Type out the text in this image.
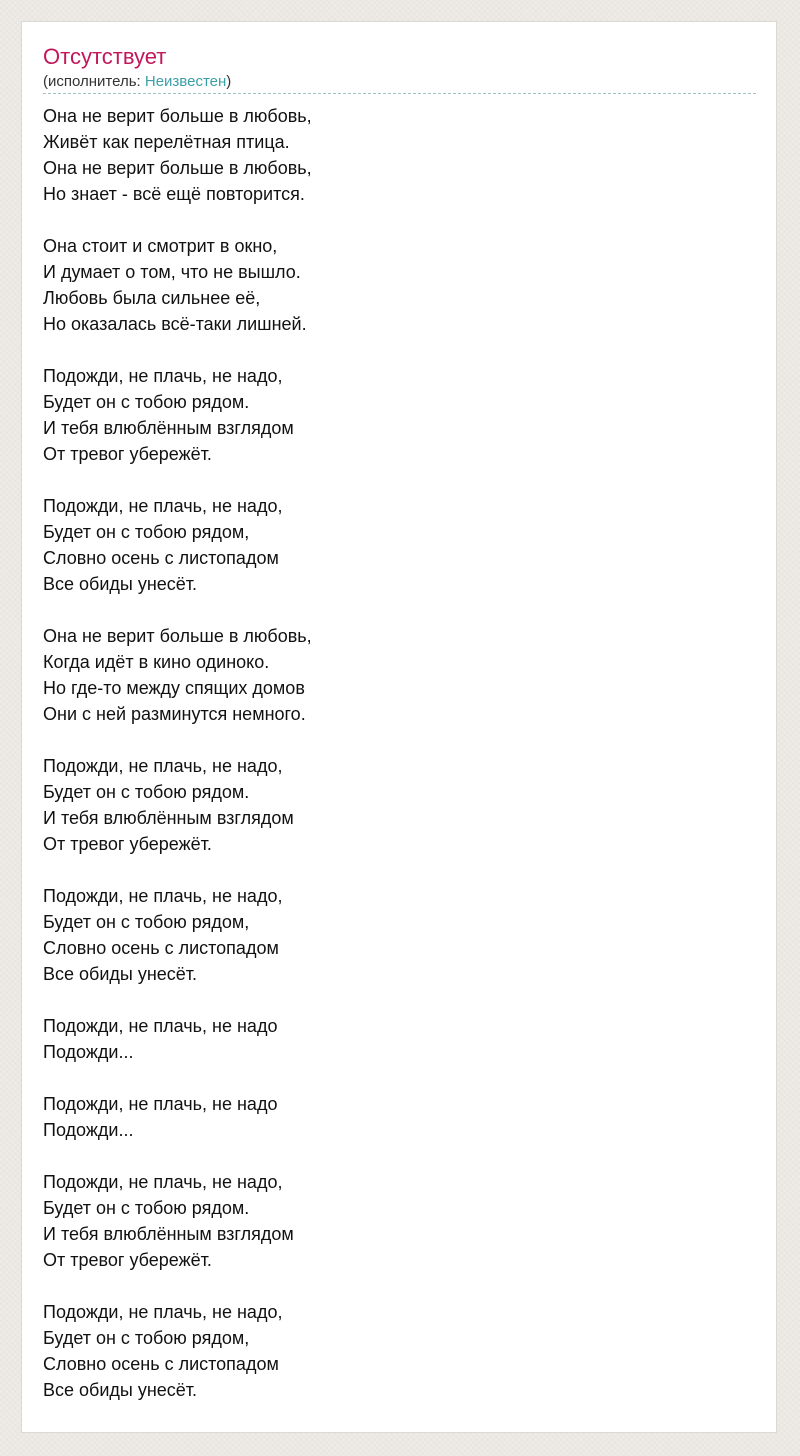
Отсутствует
(исполнитель: Неизвестен)
Она не верит больше в любовь,
Живёт как перелётная птица.
Она не верит больше в любовь,
Но знает - всё ещё повторится.
Она стоит и смотрит в окно,
И думает о том, что не вышло.
Любовь была сильнее её,
Но оказалась всё-таки лишней.
Подожди, не плачь, не надо,
Будет он с тобою рядом.
И тебя влюблённым взглядом
От тревог убережёт.
Подожди, не плачь, не надо,
Будет он с тобою рядом,
Словно осень с листопадом
Все обиды унесёт.
Она не верит больше в любовь,
Когда идёт в кино одиноко.
Но где-то между спящих домов
Они с ней разминутся немного.
Подожди, не плачь, не надо,
Будет он с тобою рядом.
И тебя влюблённым взглядом
От тревог убережёт.
Подожди, не плачь, не надо,
Будет он с тобою рядом,
Словно осень с листопадом
Все обиды унесёт.
Подожди, не плачь, не надо
Подожди...
Подожди, не плачь, не надо
Подожди...
Подожди, не плачь, не надо,
Будет он с тобою рядом.
И тебя влюблённым взглядом
От тревог убережёт.
Подожди, не плачь, не надо,
Будет он с тобою рядом,
Словно осень с листопадом
Все обиды унесёт.
